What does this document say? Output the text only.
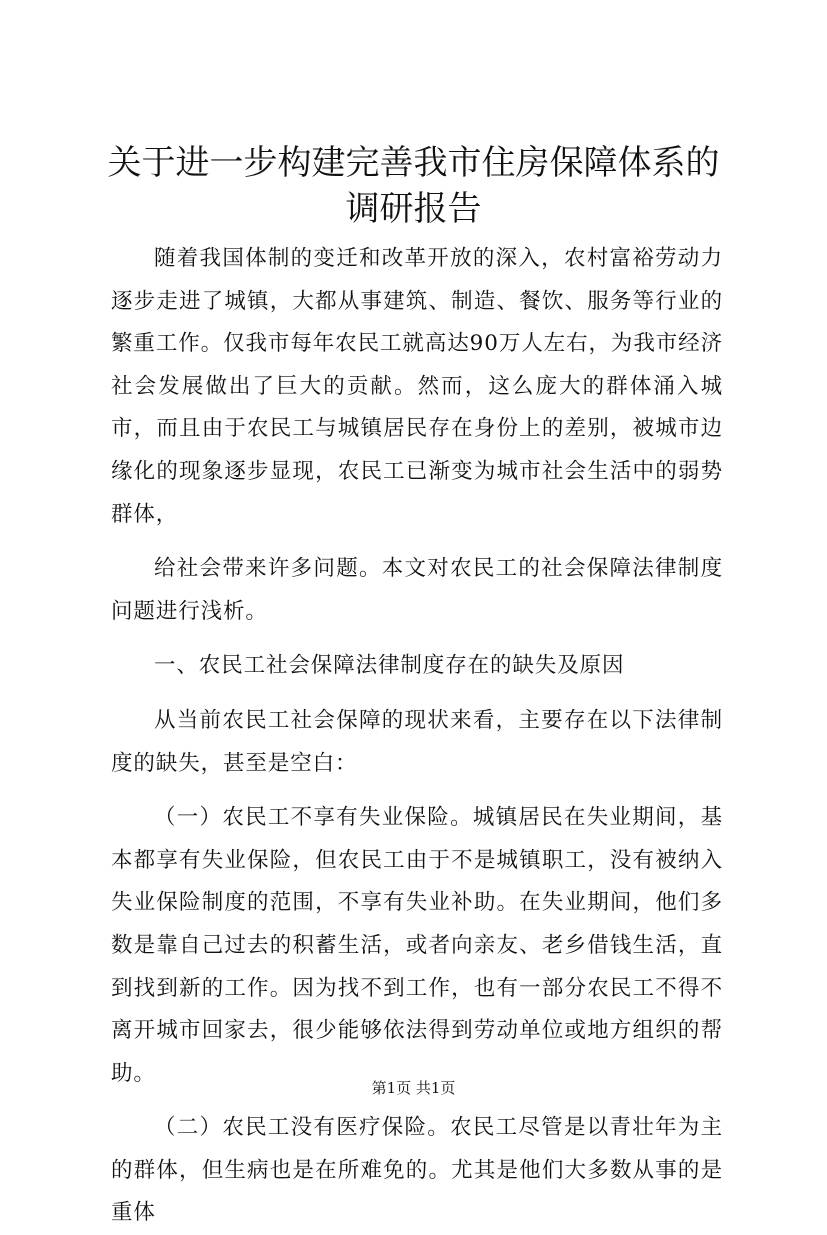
关于进一步构建完善我市住房保障体系的调研报告

随着我国体制的变迁和改革开放的深入，农村富裕劳动力逐步走进了城镇，大都从事建筑、制造、餐饮、服务等行业的繁重工作。仅我市每年农民工就高达90万人左右，为我市经济社会发展做出了巨大的贡献。然而，这么庞大的群体涌入城市，而且由于农民工与城镇居民存在身份上的差别，被城市边缘化的现象逐步显现，农民工已渐变为城市社会生活中的弱势群体，

给社会带来许多问题。本文对农民工的社会保障法律制度问题进行浅析。

一、农民工社会保障法律制度存在的缺失及原因

从当前农民工社会保障的现状来看，主要存在以下法律制度的缺失，甚至是空白：

（一）农民工不享有失业保险。城镇居民在失业期间，基本都享有失业保险，但农民工由于不是城镇职工，没有被纳入失业保险制度的范围，不享有失业补助。在失业期间，他们多数是靠自己过去的积蓄生活，或者向亲友、老乡借钱生活，直到找到新的工作。因为找不到工作，也有一部分农民工不得不离开城市回家去，很少能够依法得到劳动单位或地方组织的帮助。

（二）农民工没有医疗保险。农民工尽管是以青壮年为主的群体，但生病也是在所难免的。尤其是他们大多数从事的是重体

第1页 共1页
